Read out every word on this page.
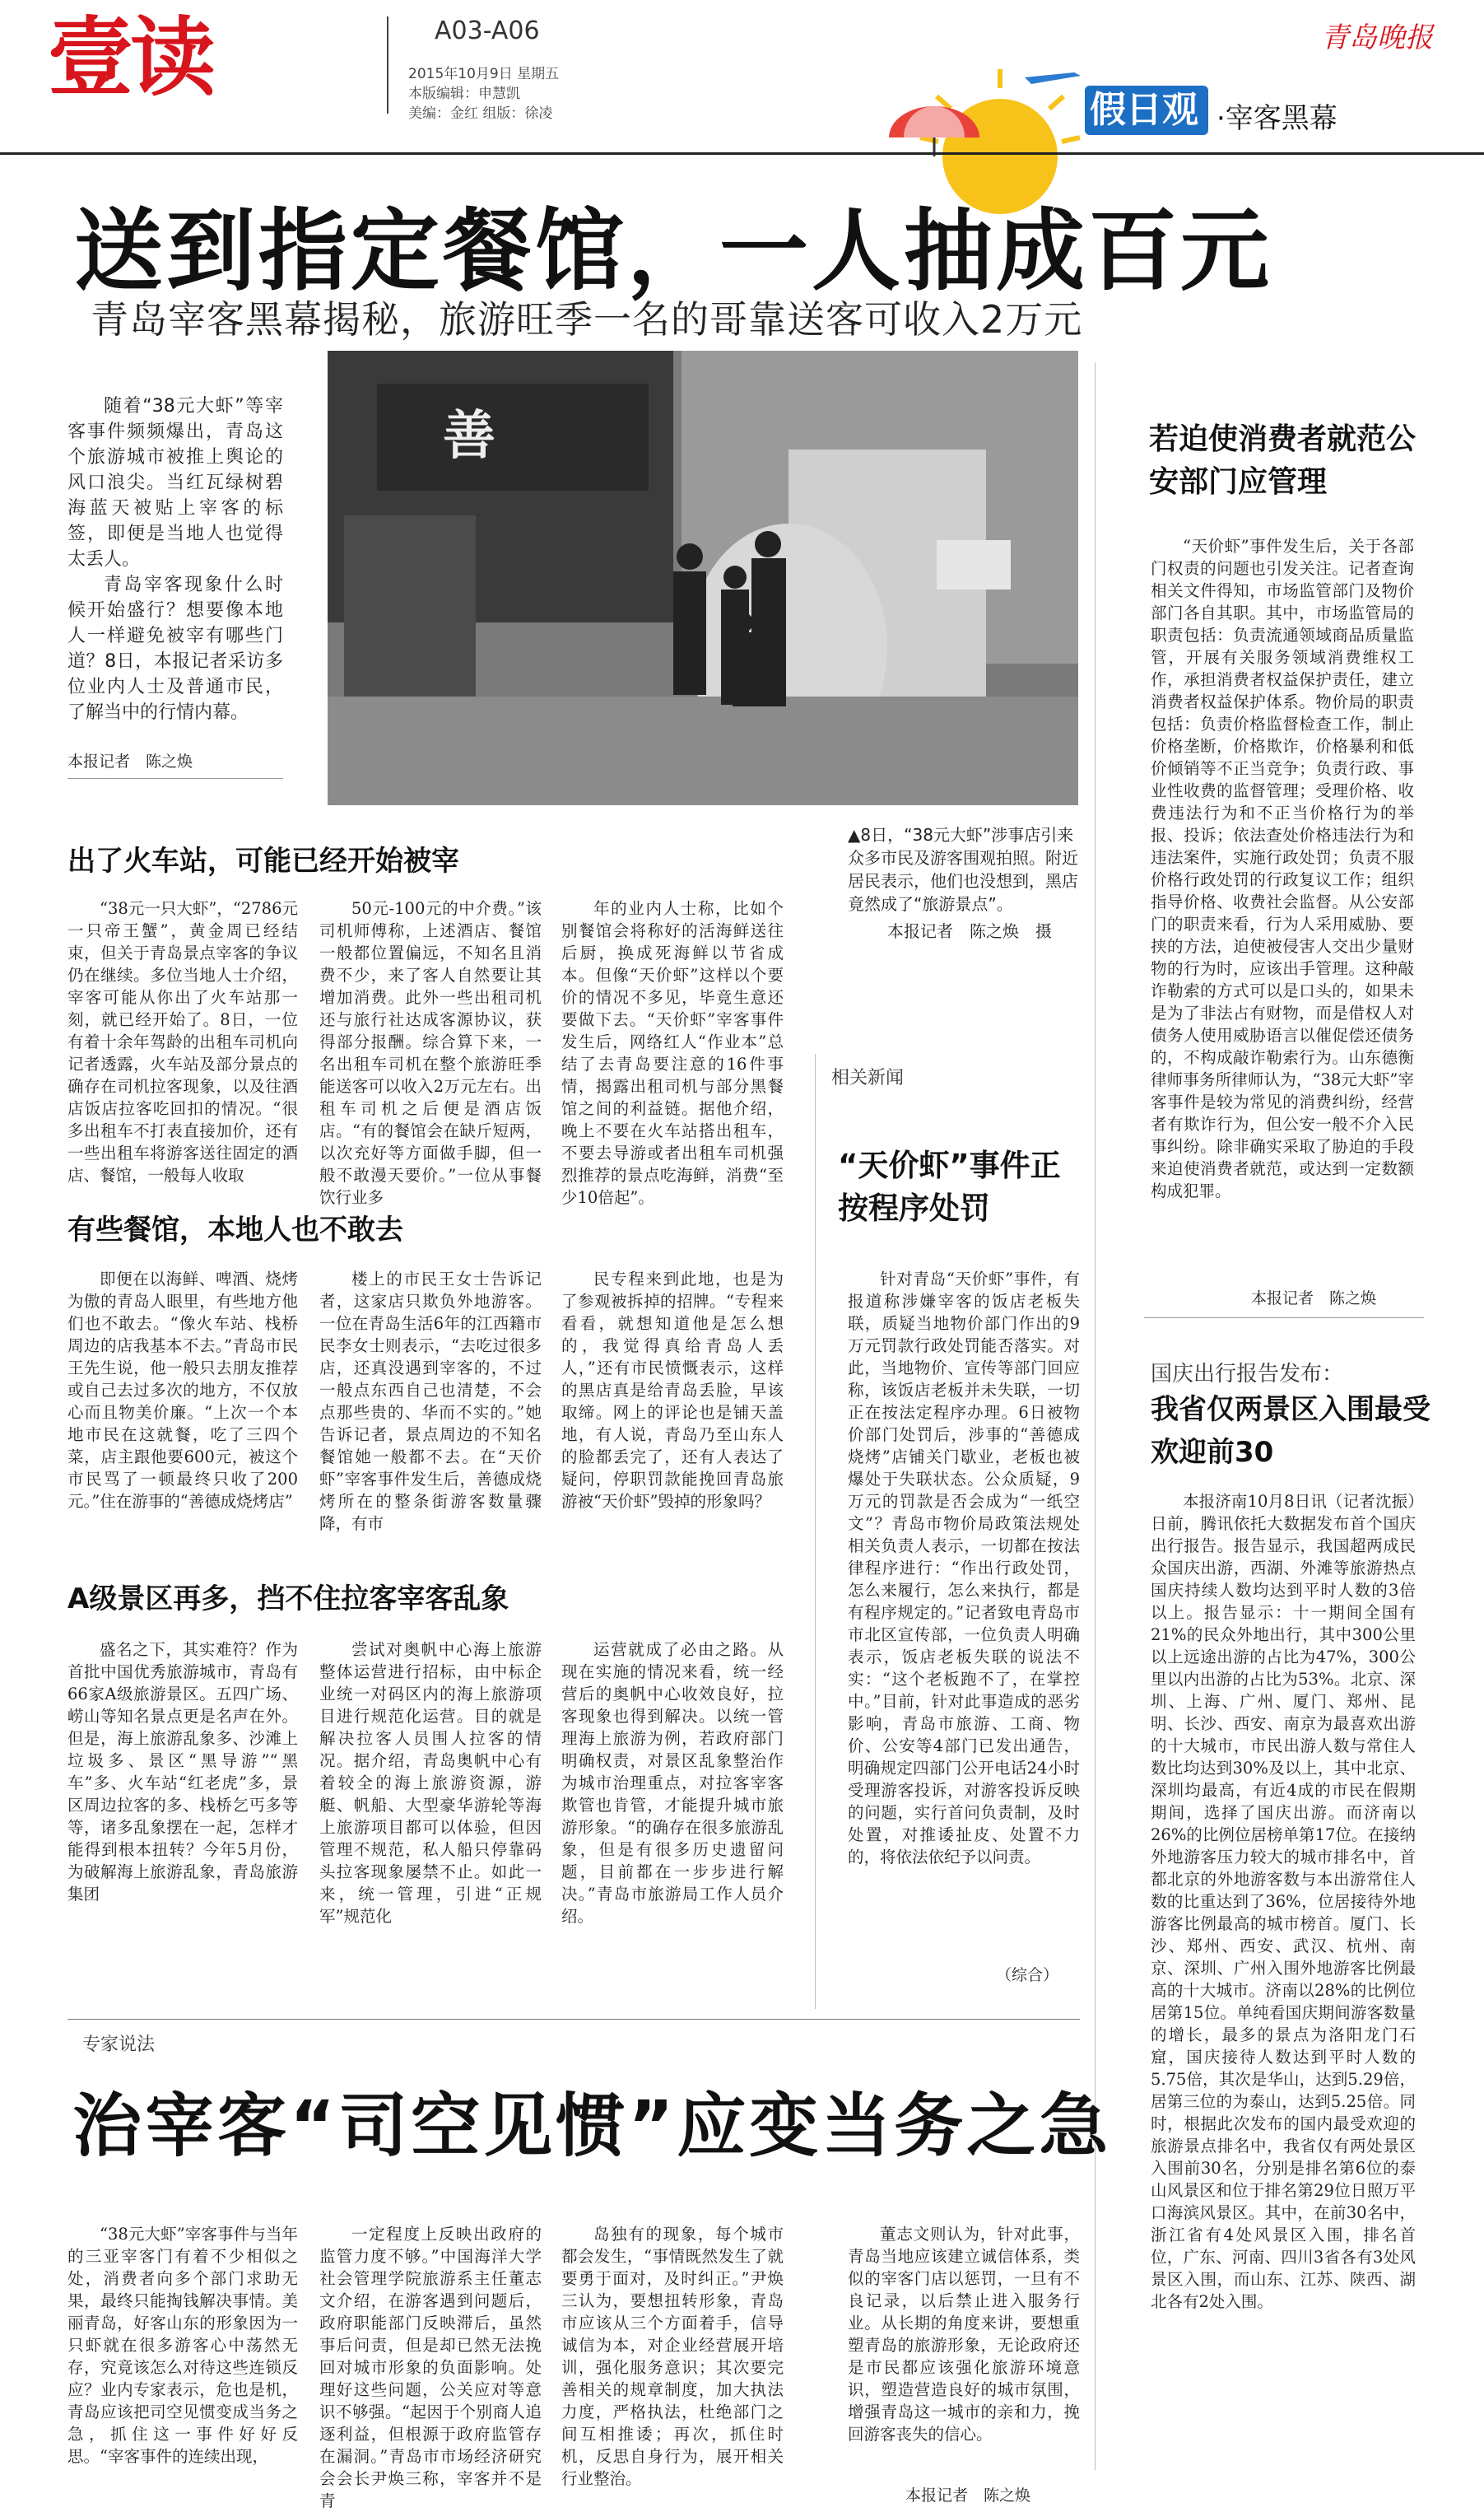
壹读	A03-A06
2015年10月9日 星期五
本版编辑：申慧凯
美编：金红 组版：徐凌
青岛晚报
假日观 ·宰客黑幕
送到指定餐馆，一人抽成百元
青岛宰客黑幕揭秘，旅游旺季一名的哥靠送客可收入2万元

随着“38元大虾”等宰客事件频频爆出，青岛这个旅游城市被推上舆论的风口浪尖。当红瓦绿树碧海蓝天被贴上宰客的标签，即便是当地人也觉得太丢人。

青岛宰客现象什么时候开始盛行？想要像本地人一样避免被宰有哪些门道？8日，本报记者采访多位业内人士及普通市民，了解当中的行情内幕。

本报记者　陈之焕
善
▲8日，“38元大虾”涉事店引来众多市民及游客围观拍照。附近居民表示，他们也没想到，黑店竟然成了“旅游景点”。
本报记者　陈之焕　摄
出了火车站，可能已经开始被宰

“38元一只大虾”，“2786元一只帝王蟹”，黄金周已经结束，但关于青岛景点宰客的争议仍在继续。多位当地人士介绍，宰客可能从你出了火车站那一刻，就已经开始了。8日，一位有着十余年驾龄的出租车司机向记者透露，火车站及部分景点的确存在司机拉客现象，以及往酒店饭店拉客吃回扣的情况。“很多出租车不打表直接加价，还有一些出租车将游客送往固定的酒店、餐馆，一般每人收取

50元-100元的中介费。”该司机师傅称，上述酒店、餐馆一般都位置偏远，不知名且消费不少，来了客人自然要让其增加消费。此外一些出租司机还与旅行社达成客源协议，获得部分报酬。综合算下来，一名出租车司机在整个旅游旺季能送客可以收入2万元左右。出租车司机之后便是酒店饭店。“有的餐馆会在缺斤短两，以次充好等方面做手脚，但一般不敢漫天要价。”一位从事餐饮行业多

年的业内人士称，比如个别餐馆会将称好的活海鲜送往后厨，换成死海鲜以节省成本。但像“天价虾”这样以个要价的情况不多见，毕竟生意还要做下去。“天价虾”宰客事件发生后，网络红人“作业本”总结了去青岛要注意的16件事情，揭露出租司机与部分黑餐馆之间的利益链。据他介绍，晚上不要在火车站搭出租车，不要去导游或者出租车司机强烈推荐的景点吃海鲜，消费“至少10倍起”。

有些餐馆，本地人也不敢去

即便在以海鲜、啤酒、烧烤为傲的青岛人眼里，有些地方他们也不敢去。“像火车站、栈桥周边的店我基本不去。”青岛市民王先生说，他一般只去朋友推荐或自己去过多次的地方，不仅放心而且物美价廉。“上次一个本地市民在这就餐，吃了三四个菜，店主跟他要600元，被这个市民骂了一顿最终只收了200元。”住在游事的“善德成烧烤店”

楼上的市民王女士告诉记者，这家店只欺负外地游客。一位在青岛生活6年的江西籍市民李女士则表示，“去吃过很多店，还真没遇到宰客的，不过一般点东西自己也清楚，不会点那些贵的、华而不实的。”她告诉记者，景点周边的不知名餐馆她一般都不去。在“天价虾”宰客事件发生后，善德成烧烤所在的整条街游客数量骤降，有市

民专程来到此地，也是为了参观被拆掉的招牌。“专程来看看，就想知道他是怎么想的，我觉得真给青岛人丢人，”还有市民愤慨表示，这样的黑店真是给青岛丢脸，早该取缔。网上的评论也是铺天盖地，有人说，青岛乃至山东人的脸都丢完了，还有人表达了疑问，停职罚款能挽回青岛旅游被“天价虾”毁掉的形象吗？

A级景区再多，挡不住拉客宰客乱象

盛名之下，其实难符？作为首批中国优秀旅游城市，青岛有66家A级旅游景区。五四广场、崂山等知名景点更是名声在外。但是，海上旅游乱象多、沙滩上垃圾多、景区“黑导游”“黑车”多、火车站“红老虎”多，景区周边拉客的多、栈桥乞丐多等等，诸多乱象摆在一起，怎样才能得到根本扭转？今年5月份，为破解海上旅游乱象，青岛旅游集团

尝试对奥帆中心海上旅游整体运营进行招标，由中标企业统一对码区内的海上旅游项目进行规范化运营。目的就是解决拉客人员围人拉客的情况。据介绍，青岛奥帆中心有着较全的海上旅游资源，游艇、帆船、大型豪华游轮等海上旅游项目都可以体验，但因管理不规范，私人船只停靠码头拉客现象屡禁不止。如此一来，统一管理，引进“正规军”规范化

运营就成了必由之路。从现在实施的情况来看，统一经营后的奥帆中心收效良好，拉客现象也得到解决。以统一管理海上旅游为例，若政府部门明确权责，对景区乱象整治作为城市治理重点，对拉客宰客欺管也肯管，才能提升城市旅游形象。“的确存在很多旅游乱象，但是有很多历史遗留问题，目前都在一步步进行解决。”青岛市旅游局工作人员介绍。

相关新闻
“天价虾”事件正按程序处罚

针对青岛“天价虾”事件，有报道称涉嫌宰客的饭店老板失联，质疑当地物价部门作出的9万元罚款行政处罚能否落实。对此，当地物价、宣传等部门回应称，该饭店老板并未失联，一切正在按法定程序办理。6日被物价部门处罚后，涉事的“善德成烧烤”店铺关门歇业，老板也被爆处于失联状态。公众质疑，9万元的罚款是否会成为“一纸空文”？青岛市物价局政策法规处相关负责人表示，一切都在按法律程序进行：“作出行政处罚，怎么来履行，怎么来执行，都是有程序规定的。”记者致电青岛市市北区宣传部，一位负责人明确表示，饭店老板失联的说法不实：“这个老板跑不了，在掌控中。”目前，针对此事造成的恶劣影响，青岛市旅游、工商、物价、公安等4部门已发出通告，明确规定四部门公开电话24小时受理游客投诉，对游客投诉反映的问题，实行首问负责制，及时处置，对推诿扯皮、处置不力的，将依法依纪予以问责。

（综合）
若迫使消费者就范公安部门应管理

“天价虾”事件发生后，关于各部门权责的问题也引发关注。记者查询相关文件得知，市场监管部门及物价部门各自其职。其中，市场监管局的职责包括：负责流通领域商品质量监管，开展有关服务领域消费维权工作，承担消费者权益保护责任，建立消费者权益保护体系。物价局的职责包括：负责价格监督检查工作，制止价格垄断，价格欺诈，价格暴利和低价倾销等不正当竞争；负责行政、事业性收费的监督管理；受理价格、收费违法行为和不正当价格行为的举报、投诉；依法查处价格违法行为和违法案件，实施行政处罚；负责不服价格行政处罚的行政复议工作；组织指导价格、收费社会监督。从公安部门的职责来看，行为人采用威胁、要挟的方法，迫使被侵害人交出少量财物的行为时，应该出手管理。这种敲诈勒索的方式可以是口头的，如果未是为了非法占有财物，而是借权人对债务人使用威胁语言以催促偿还债务的，不构成敲诈勒索行为。山东德衡律师事务所律师认为，“38元大虾”宰客事件是较为常见的消费纠纷，经营者有欺诈行为，但公安一般不介入民事纠纷。除非确实采取了胁迫的手段来迫使消费者就范，或达到一定数额构成犯罪。

本报记者　陈之焕
国庆出行报告发布：
我省仅两景区入围最受欢迎前30

本报济南10月8日讯（记者沈振）日前，腾讯依托大数据发布首个国庆出行报告。报告显示，我国超两成民众国庆出游，西湖、外滩等旅游热点国庆持续人数均达到平时人数的3倍以上。报告显示：十一期间全国有21%的民众外地出行，其中300公里以上远途出游的占比为47%，300公里以内出游的占比为53%。北京、深圳、上海、广州、厦门、郑州、昆明、长沙、西安、南京为最喜欢出游的十大城市，市民出游人数与常住人数比均达到30%及以上，其中北京、深圳均最高，有近4成的市民在假期期间，选择了国庆出游。而济南以26%的比例位居榜单第17位。在接纳外地游客压力较大的城市排名中，首都北京的外地游客数与本出游常住人数的比重达到了36%，位居接待外地游客比例最高的城市榜首。厦门、长沙、郑州、西安、武汉、杭州、南京、深圳、广州入围外地游客比例最高的十大城市。济南以28%的比例位居第15位。单纯看国庆期间游客数量的增长，最多的景点为洛阳龙门石窟，国庆接待人数达到平时人数的5.75倍，其次是华山，达到5.29倍，居第三位的为泰山，达到5.25倍。同时，根据此次发布的国内最受欢迎的旅游景点排名中，我省仅有两处景区入围前30名，分别是排名第6位的泰山风景区和位于排名第29位日照万平口海滨风景区。其中，在前30名中，浙江省有4处风景区入围，排名首位，广东、河南、四川3省各有3处风景区入围，而山东、江苏、陕西、湖北各有2处入围。

专家说法
治宰客“司空见惯”应变当务之急

“38元大虾”宰客事件与当年的三亚宰客门有着不少相似之处，消费者向多个部门求助无果，最终只能掏钱解决事情。美丽青岛，好客山东的形象因为一只虾就在很多游客心中荡然无存，究竟该怎么对待这些连锁反应？业内专家表示，危也是机，青岛应该把司空见惯变成当务之急，抓住这一事件好好反思。“宰客事件的连续出现，

一定程度上反映出政府的监管力度不够。”中国海洋大学社会管理学院旅游系主任董志文介绍，在游客遇到问题后，政府职能部门反映滞后，虽然事后问责，但是却已然无法挽回对城市形象的负面影响。处理好这些问题，公关应对等意识不够强。“起因于个别商人追逐利益，但根源于政府监管存在漏洞。”青岛市市场经济研究会会长尹焕三称，宰客并不是青

岛独有的现象，每个城市都会发生，“事情既然发生了就要勇于面对，及时纠正。”尹焕三认为，要想扭转形象，青岛市应该从三个方面着手，信导诚信为本，对企业经营展开培训，强化服务意识；其次要完善相关的规章制度，加大执法力度，严格执法，杜绝部门之间互相推诿；再次，抓住时机，反思自身行为，展开相关行业整治。

董志文则认为，针对此事，青岛当地应该建立诚信体系，类似的宰客门店以惩罚，一旦有不良记录，以后禁止进入服务行业。从长期的角度来讲，要想重塑青岛的旅游形象，无论政府还是市民都应该强化旅游环境意识，塑造营造良好的城市氛围，增强青岛这一城市的亲和力，挽回游客丧失的信心。

本报记者　陈之焕
